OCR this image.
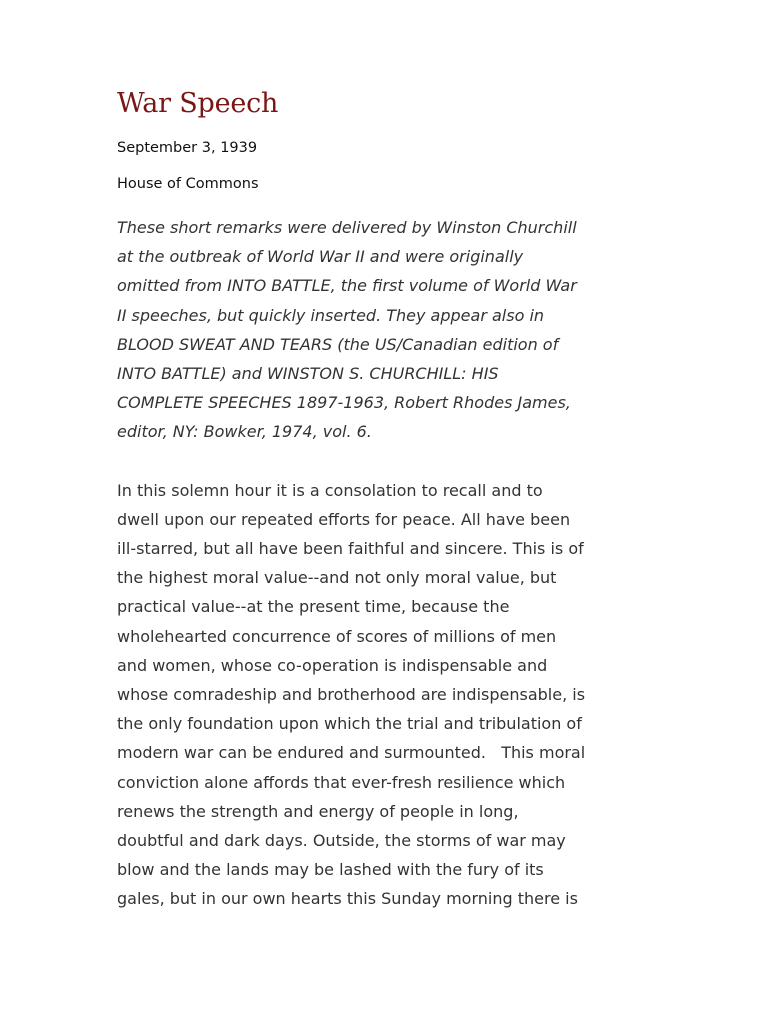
War Speech

September 3, 1939

House of Commons

These short remarks were delivered by Winston Churchill
at the outbreak of World War II and were originally
omitted from INTO BATTLE, the first volume of World War
II speeches, but quickly inserted. They appear also in
BLOOD SWEAT AND TEARS (the US/Canadian edition of
INTO BATTLE) and WINSTON S. CHURCHILL: HIS
COMPLETE SPEECHES 1897-1963, Robert Rhodes James,
editor, NY: Bowker, 1974, vol. 6.

In this solemn hour it is a consolation to recall and to
dwell upon our repeated efforts for peace. All have been
ill-starred, but all have been faithful and sincere. This is of
the highest moral value--and not only moral value, but
practical value--at the present time, because the
wholehearted concurrence of scores of millions of men
and women, whose co-operation is indispensable and
whose comradeship and brotherhood are indispensable, is
the only foundation upon which the trial and tribulation of
modern war can be endured and surmounted.   This moral
conviction alone affords that ever-fresh resilience which
renews the strength and energy of people in long,
doubtful and dark days. Outside, the storms of war may
blow and the lands may be lashed with the fury of its
gales, but in our own hearts this Sunday morning there is
